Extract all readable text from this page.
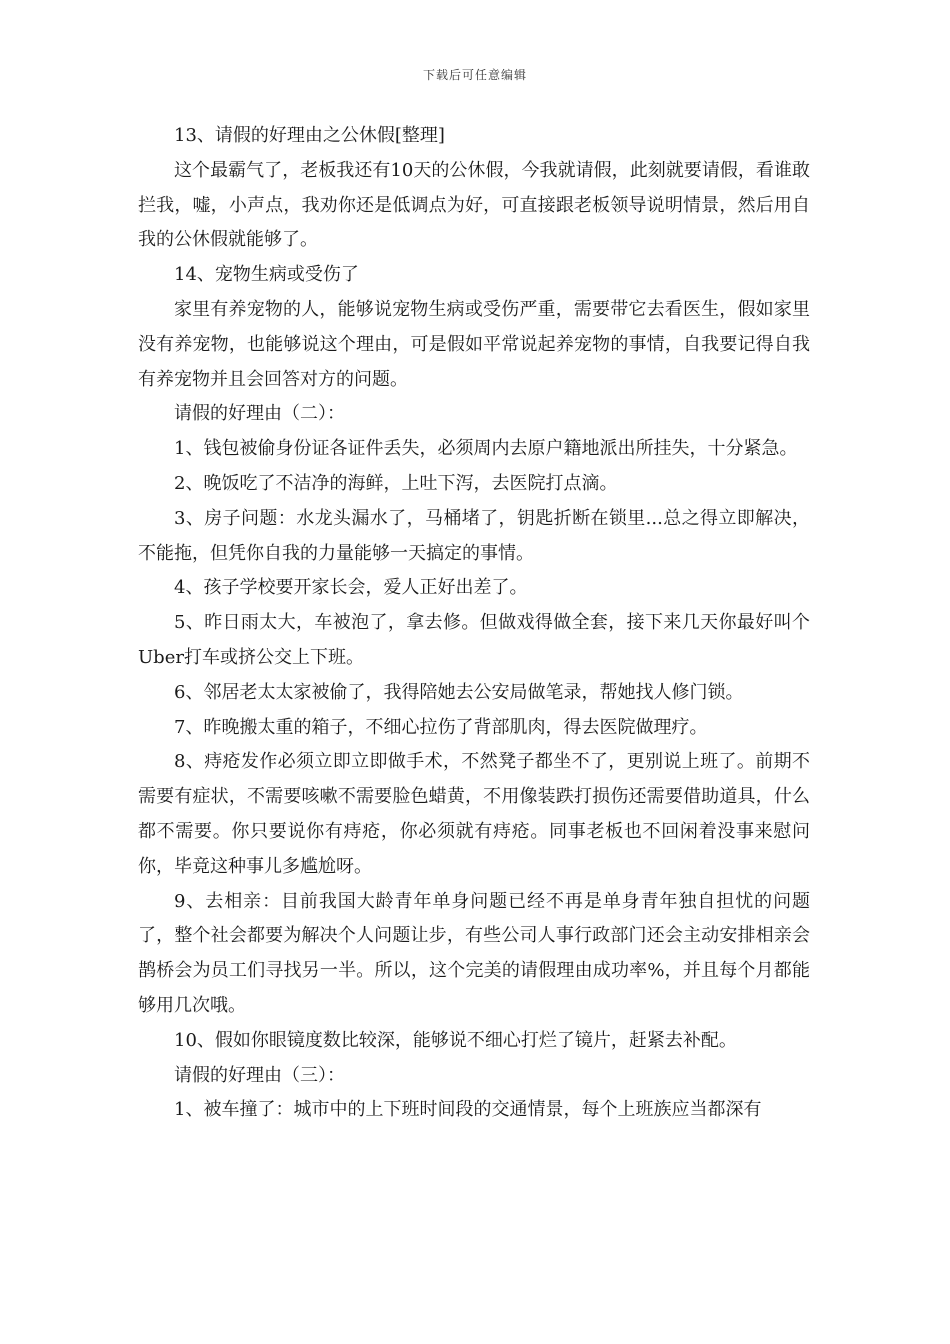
下载后可任意编辑

13、请假的好理由之公休假[整理]

这个最霸气了，老板我还有10天的公休假，今我就请假，此刻就要请假，看谁敢拦我，嘘，小声点，我劝你还是低调点为好，可直接跟老板领导说明情景，然后用自我的公休假就能够了。

14、宠物生病或受伤了

家里有养宠物的人，能够说宠物生病或受伤严重，需要带它去看医生，假如家里没有养宠物，也能够说这个理由，可是假如平常说起养宠物的事情，自我要记得自我有养宠物并且会回答对方的问题。

请假的好理由（二）：

1、钱包被偷身份证各证件丢失，必须周内去原户籍地派出所挂失，十分紧急。

2、晚饭吃了不洁净的海鲜，上吐下泻，去医院打点滴。

3、房子问题：水龙头漏水了，马桶堵了，钥匙折断在锁里...总之得立即解决，不能拖，但凭你自我的力量能够一天搞定的事情。

4、孩子学校要开家长会，爱人正好出差了。

5、昨日雨太大，车被泡了，拿去修。但做戏得做全套，接下来几天你最好叫个Uber打车或挤公交上下班。

6、邻居老太太家被偷了，我得陪她去公安局做笔录，帮她找人修门锁。

7、昨晚搬太重的箱子，不细心拉伤了背部肌肉，得去医院做理疗。

8、痔疮发作必须立即立即做手术，不然凳子都坐不了，更别说上班了。前期不需要有症状，不需要咳嗽不需要脸色蜡黄，不用像装跌打损伤还需要借助道具，什么都不需要。你只要说你有痔疮，你必须就有痔疮。同事老板也不回闲着没事来慰问你，毕竟这种事儿多尴尬呀。

9、去相亲：目前我国大龄青年单身问题已经不再是单身青年独自担忧的问题了，整个社会都要为解决个人问题让步，有些公司人事行政部门还会主动安排相亲会鹊桥会为员工们寻找另一半。所以，这个完美的请假理由成功率%，并且每个月都能够用几次哦。

10、假如你眼镜度数比较深，能够说不细心打烂了镜片，赶紧去补配。

请假的好理由（三）：

1、被车撞了：城市中的上下班时间段的交通情景，每个上班族应当都深有
